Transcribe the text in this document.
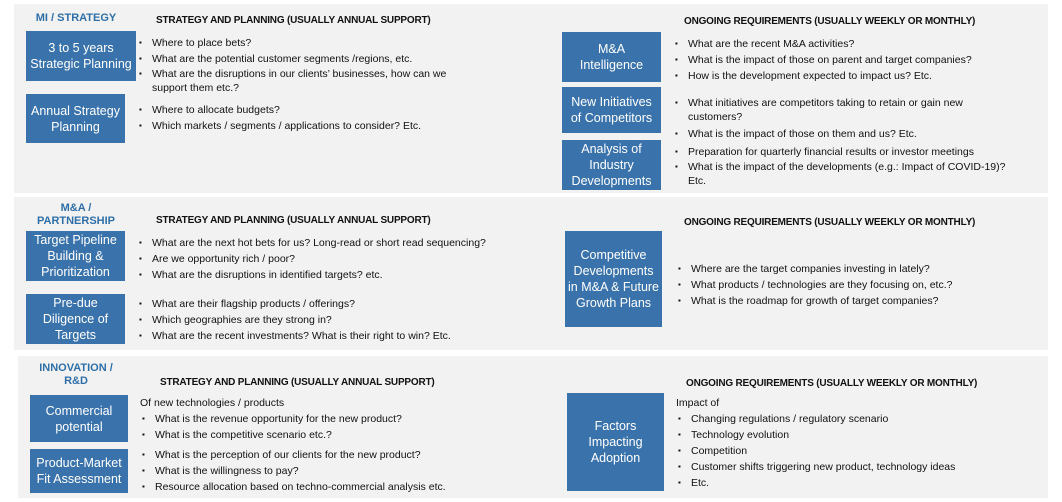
MI / STRATEGY	STRATEGY AND PLANNING (USUALLY ANNUAL SUPPORT)	ONGOING REQUIREMENTS (USUALLY WEEKLY OR MONTHLY)
3 to 5 years Strategic Planning
▪ Where to place bets?
▪ What are the potential customer segments /regions, etc.
▪ What are the disruptions in our clients’ businesses, how can we support them etc.?
Annual Strategy Planning
▪ Where to allocate budgets?
▪ Which markets / segments / applications to consider? Etc.
M&A Intelligence
▪ What are the recent M&A activities?
▪ What is the impact of those on parent and target companies?
▪ How is the development expected to impact us? Etc.
New Initiatives of Competitors
▪ What initiatives are competitors taking to retain or gain new customers?
▪ What is the impact of those on them and us? Etc.
Analysis of Industry Developments
▪ Preparation for quarterly financial results or investor meetings
▪ What is the impact of the developments (e.g.: Impact of COVID-19)? Etc.
M&A / PARTNERSHIP	STRATEGY AND PLANNING (USUALLY ANNUAL SUPPORT)	ONGOING REQUIREMENTS (USUALLY WEEKLY OR MONTHLY)
Target Pipeline Building & Prioritization
▪ What are the next hot bets for us? Long-read or short read sequencing?
▪ Are we opportunity rich / poor?
▪ What are the disruptions in identified targets? etc.
Pre-due Diligence of Targets
▪ What are their flagship products / offerings?
▪ Which geographies are they strong in?
▪ What are the recent investments? What is their right to win? Etc.
Competitive Developments in M&A & Future Growth Plans
▪ Where are the target companies investing in lately?
▪ What products / technologies are they focusing on, etc.?
▪ What is the roadmap for growth of target companies?
INNOVATION / R&D	STRATEGY AND PLANNING (USUALLY ANNUAL SUPPORT)	ONGOING REQUIREMENTS (USUALLY WEEKLY OR MONTHLY)
Of new technologies / products
Commercial potential
▪ What is the revenue opportunity for the new product?
▪ What is the competitive scenario etc.?
Product-Market Fit Assessment
▪ What is the perception of our clients for the new product?
▪ What is the willingness to pay?
▪ Resource allocation based on techno-commercial analysis etc.
Impact of
Factors Impacting Adoption
▪ Changing regulations / regulatory scenario
▪ Technology evolution
▪ Competition
▪ Customer shifts triggering new product, technology ideas
▪ Etc.
